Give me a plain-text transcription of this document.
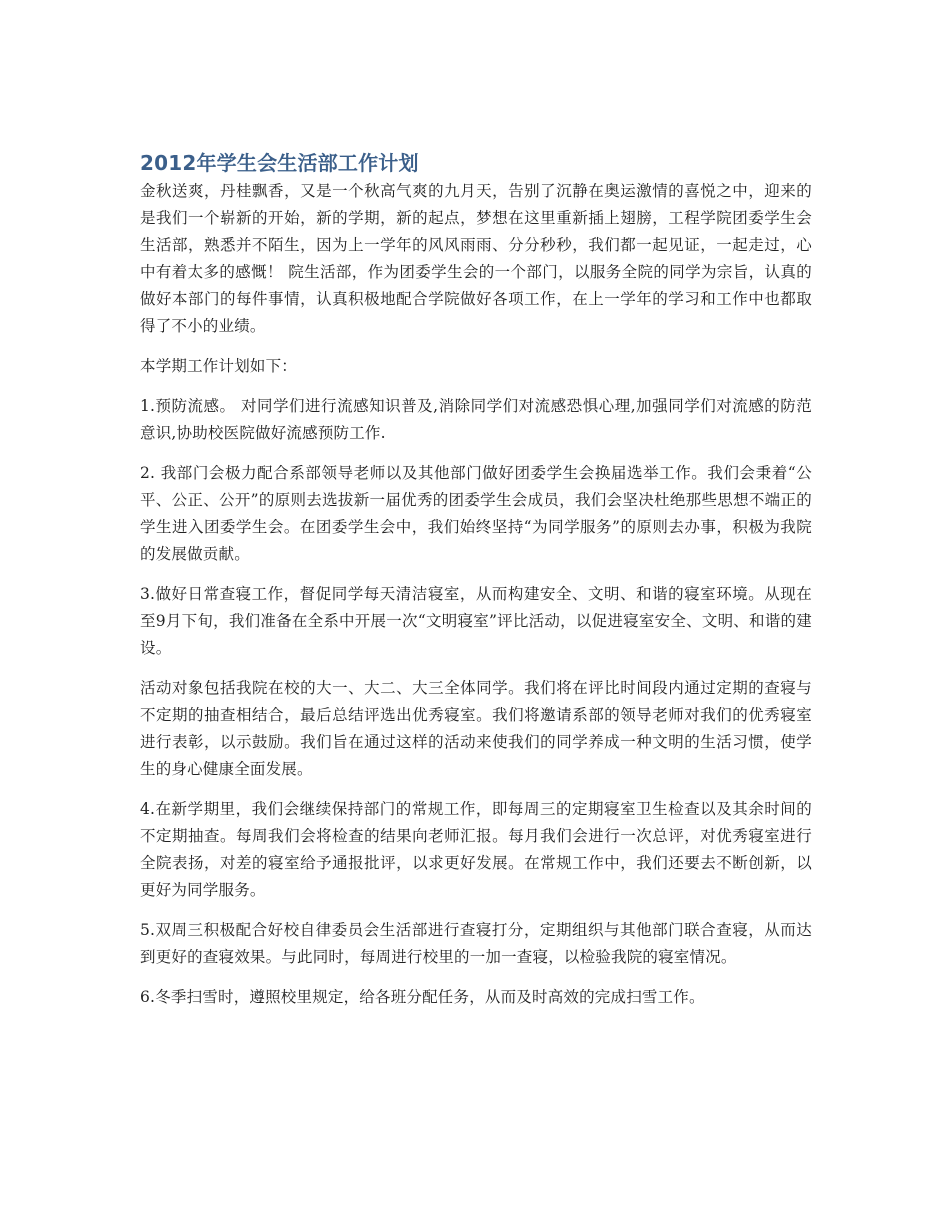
2012年学生会生活部工作计划

金秋送爽，丹桂飘香，又是一个秋高气爽的九月天，告别了沉静在奥运激情的喜悦之中，迎来的是我们一个崭新的开始，新的学期，新的起点，梦想在这里重新插上翅膀，工程学院团委学生会生活部，熟悉并不陌生，因为上一学年的风风雨雨、分分秒秒，我们都一起见证，一起走过，心中有着太多的感慨！ 院生活部，作为团委学生会的一个部门，以服务全院的同学为宗旨，认真的做好本部门的每件事情，认真积极地配合学院做好各项工作，在上一学年的学习和工作中也都取得了不小的业绩。

本学期工作计划如下：

1.预防流感。 对同学们进行流感知识普及,消除同学们对流感恐惧心理,加强同学们对流感的防范意识,协助校医院做好流感预防工作.

2. 我部门会极力配合系部领导老师以及其他部门做好团委学生会换届选举工作。我们会秉着“公平、公正、公开”的原则去选拔新一届优秀的团委学生会成员，我们会坚决杜绝那些思想不端正的学生进入团委学生会。在团委学生会中，我们始终坚持“为同学服务”的原则去办事，积极为我院的发展做贡献。

3.做好日常查寝工作，督促同学每天清洁寝室，从而构建安全、文明、和谐的寝室环境。从现在至9月下旬，我们准备在全系中开展一次“文明寝室”评比活动，以促进寝室安全、文明、和谐的建设。

活动对象包括我院在校的大一、大二、大三全体同学。我们将在评比时间段内通过定期的查寝与不定期的抽查相结合，最后总结评选出优秀寝室。我们将邀请系部的领导老师对我们的优秀寝室进行表彰，以示鼓励。我们旨在通过这样的活动来使我们的同学养成一种文明的生活习惯，使学生的身心健康全面发展。

4.在新学期里，我们会继续保持部门的常规工作，即每周三的定期寝室卫生检查以及其余时间的不定期抽查。每周我们会将检查的结果向老师汇报。每月我们会进行一次总评，对优秀寝室进行全院表扬，对差的寝室给予通报批评，以求更好发展。在常规工作中，我们还要去不断创新，以更好为同学服务。

5.双周三积极配合好校自律委员会生活部进行查寝打分，定期组织与其他部门联合查寝，从而达到更好的查寝效果。与此同时，每周进行校里的一加一查寝，以检验我院的寝室情况。

6.冬季扫雪时，遵照校里规定，给各班分配任务，从而及时高效的完成扫雪工作。
